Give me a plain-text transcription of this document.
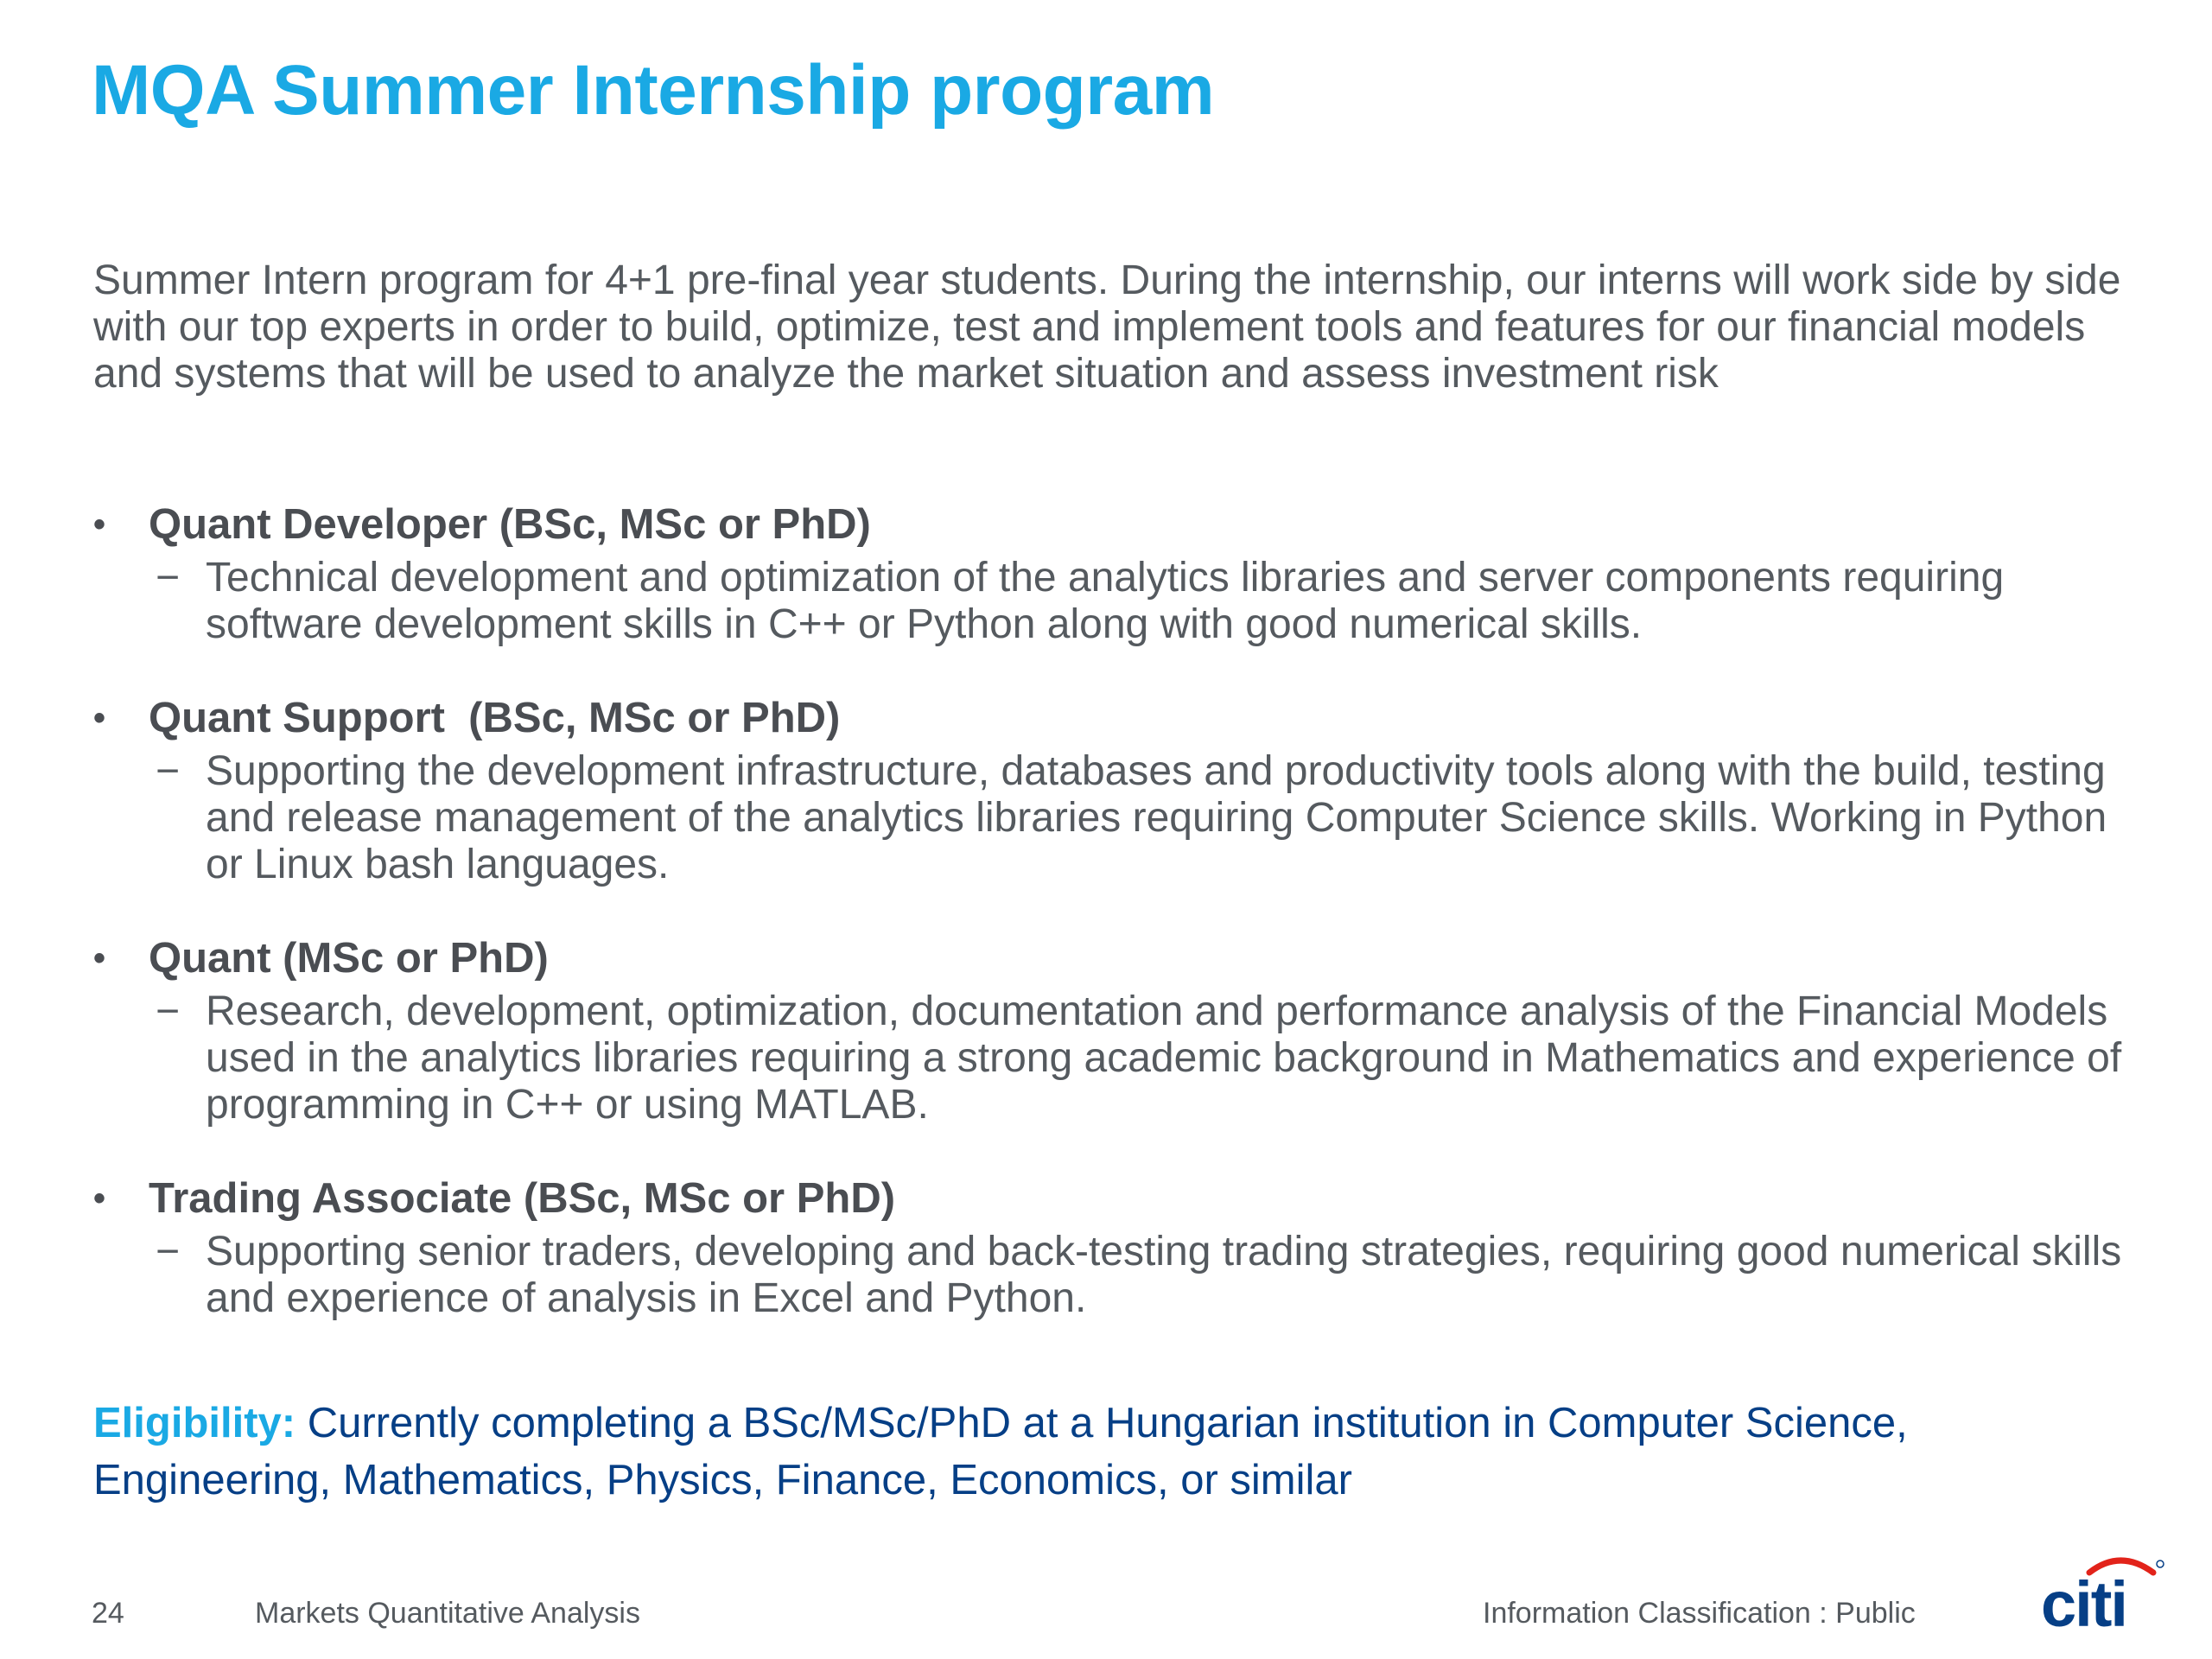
MQA Summer Internship program
Summer Intern program for 4+1 pre-final year students. During the internship, our interns will work side by side with our top experts in order to build, optimize, test and implement tools and features for our financial models and systems that will be used to analyze the market situation and assess investment risk
• Quant Developer (BSc, MSc or PhD)
− Technical development and optimization of the analytics libraries and server components requiring software development skills in C++ or Python along with good numerical skills.
• Quant Support  (BSc, MSc or PhD)
− Supporting the development infrastructure, databases and productivity tools along with the build, testing and release management of the analytics libraries requiring Computer Science skills. Working in Python or Linux bash languages.
• Quant (MSc or PhD)
− Research, development, optimization, documentation and performance analysis of the Financial Models used in the analytics libraries requiring a strong academic background in Mathematics and experience of programming in C++ or using MATLAB.
• Trading Associate (BSc, MSc or PhD)
− Supporting senior traders, developing and back-testing trading strategies, requiring good numerical skills and experience of analysis in Excel and Python.
Eligibility: Currently completing a BSc/MSc/PhD at a Hungarian institution in Computer Science, Engineering, Mathematics, Physics, Finance, Economics, or similar
24	Markets Quantitative Analysis	Information Classification : Public citi
